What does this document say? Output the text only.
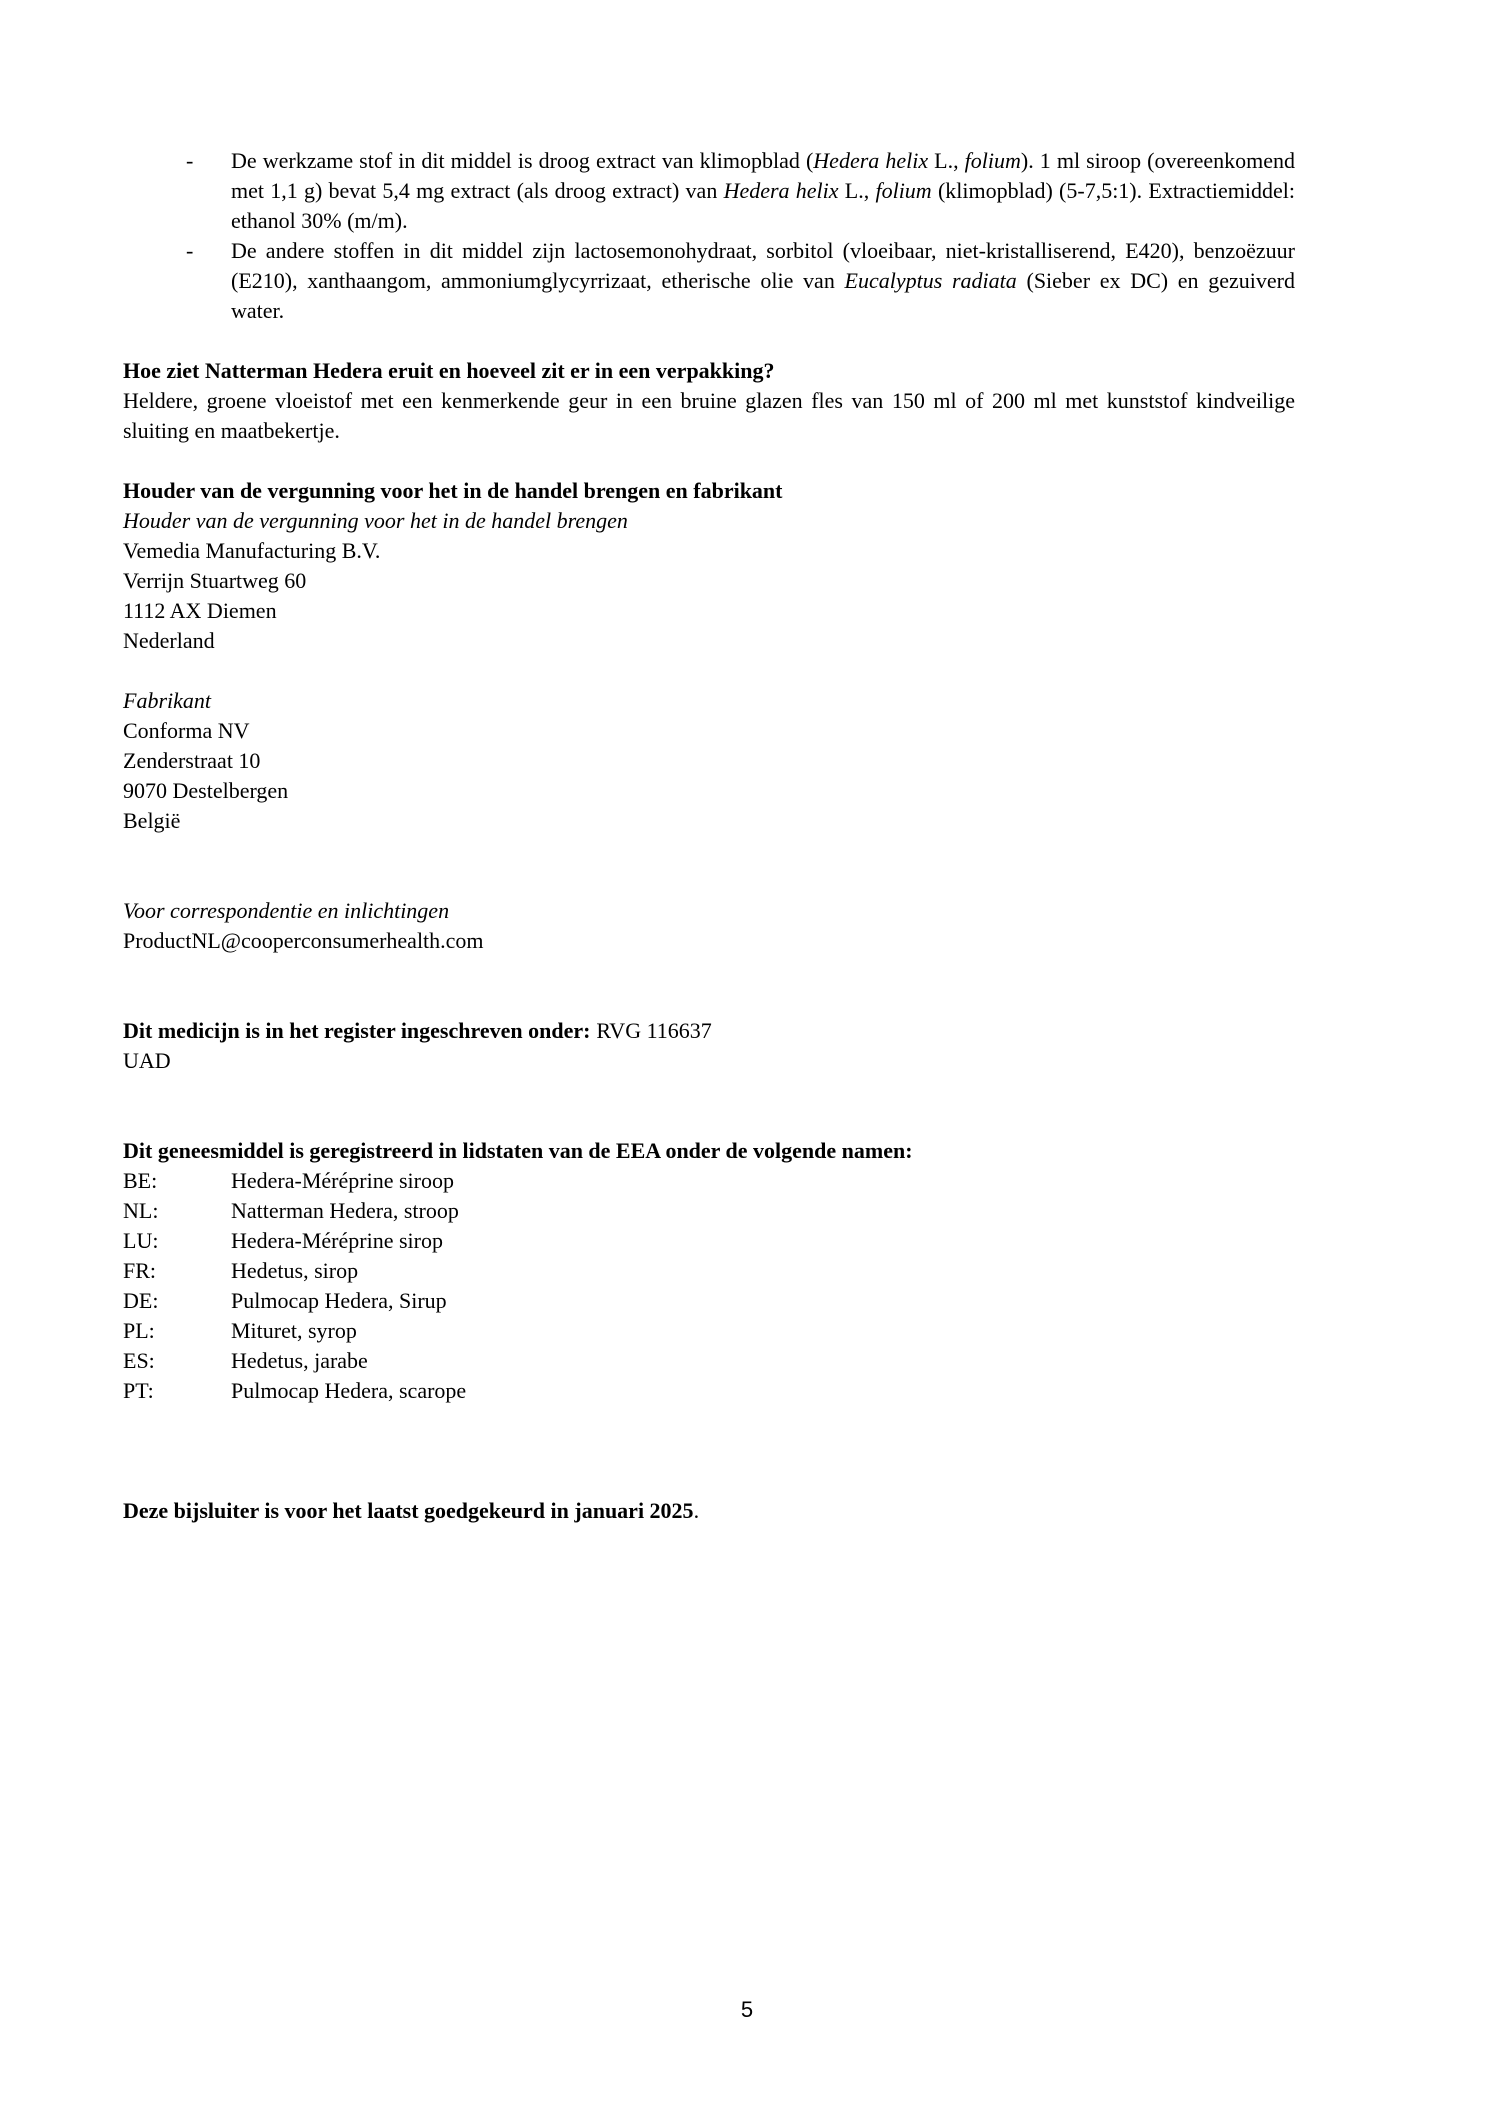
- De werkzame stof in dit middel is droog extract van klimopblad (Hedera helix L., folium). 1 ml siroop (overeenkomend met 1,1 g) bevat 5,4 mg extract (als droog extract) van Hedera helix L., folium (klimopblad) (5-7,5:1). Extractiemiddel: ethanol 30% (m/m).
- De andere stoffen in dit middel zijn lactosemonohydraat, sorbitol (vloeibaar, niet-kristalliserend, E420), benzoëzuur (E210), xanthaangom, ammoniumglycyrrizaat, etherische olie van Eucalyptus radiata (Sieber ex DC) en gezuiverd water.
Hoe ziet Natterman Hedera eruit en hoeveel zit er in een verpakking?
Heldere, groene vloeistof met een kenmerkende geur in een bruine glazen fles van 150 ml of 200 ml met kunststof kindveilige sluiting en maatbekertje.
Houder van de vergunning voor het in de handel brengen en fabrikant
Houder van de vergunning voor het in de handel brengen
Vemedia Manufacturing B.V.
Verrijn Stuartweg 60
1112 AX Diemen
Nederland
Fabrikant
Conforma NV
Zenderstraat 10
9070 Destelbergen
België
Voor correspondentie en inlichtingen
ProductNL@cooperconsumerhealth.com
Dit medicijn is in het register ingeschreven onder: RVG 116637
UAD
Dit geneesmiddel is geregistreerd in lidstaten van de EEA onder de volgende namen:
BE:	Hedera-Méréprine siroop
NL:	Natterman Hedera, stroop
LU:	Hedera-Méréprine sirop
FR:	Hedetus, sirop
DE:	Pulmocap Hedera, Sirup
PL:	Mituret, syrop
ES:	Hedetus, jarabe
PT:	Pulmocap Hedera, scarope
Deze bijsluiter is voor het laatst goedgekeurd in januari 2025.
5
